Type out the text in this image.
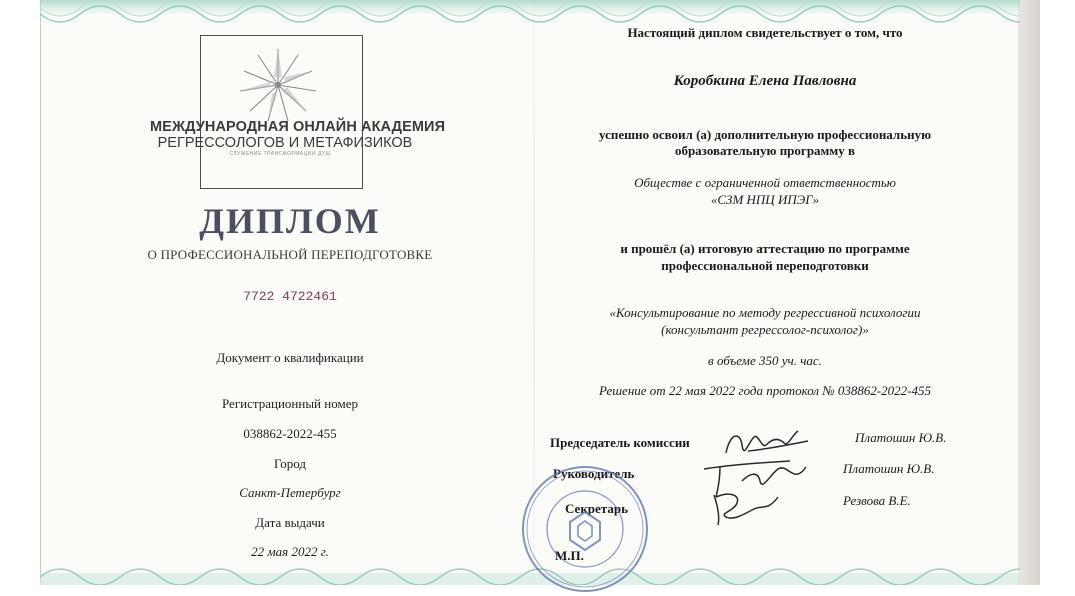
МЕЖДУНАРОДНАЯ ОНЛАЙН АКАДЕМИЯ
РЕГРЕССОЛОГОВ И МЕТАФИЗИКОВ
СЛУЖЕНИЕ ТРАНСФОРМАЦИИ ДУШ
ДИПЛОМ
О ПРОФЕССИОНАЛЬНОЙ ПЕРЕПОДГОТОВКЕ
7722 4722461
Документ о квалификации
Регистрационный номер
038862-2022-455
Город
Санкт-Петербург
Дата выдачи
22 мая 2022 г.
Настоящий диплом свидетельствует о том, что
Коробкина Елена Павловна
успешно освоил (а) дополнительную профессиональную
образовательную программу в
Обществе с ограниченной ответственностью
«СЗМ НПЦ ИПЭГ»
и прошёл (а) итоговую аттестацию по программе
профессиональной переподготовки
«Консультирование по методу регрессивной психологии
(консультант регрессолог-психолог)»
в объеме 350 уч. час.
Решение от 22 мая 2022 года протокол № 038862-2022-455
Председатель комиссии	Платошин Ю.В.
Руководитель	Платошин Ю.В.
Секретарь
Резвова В.Е.
М.П.
